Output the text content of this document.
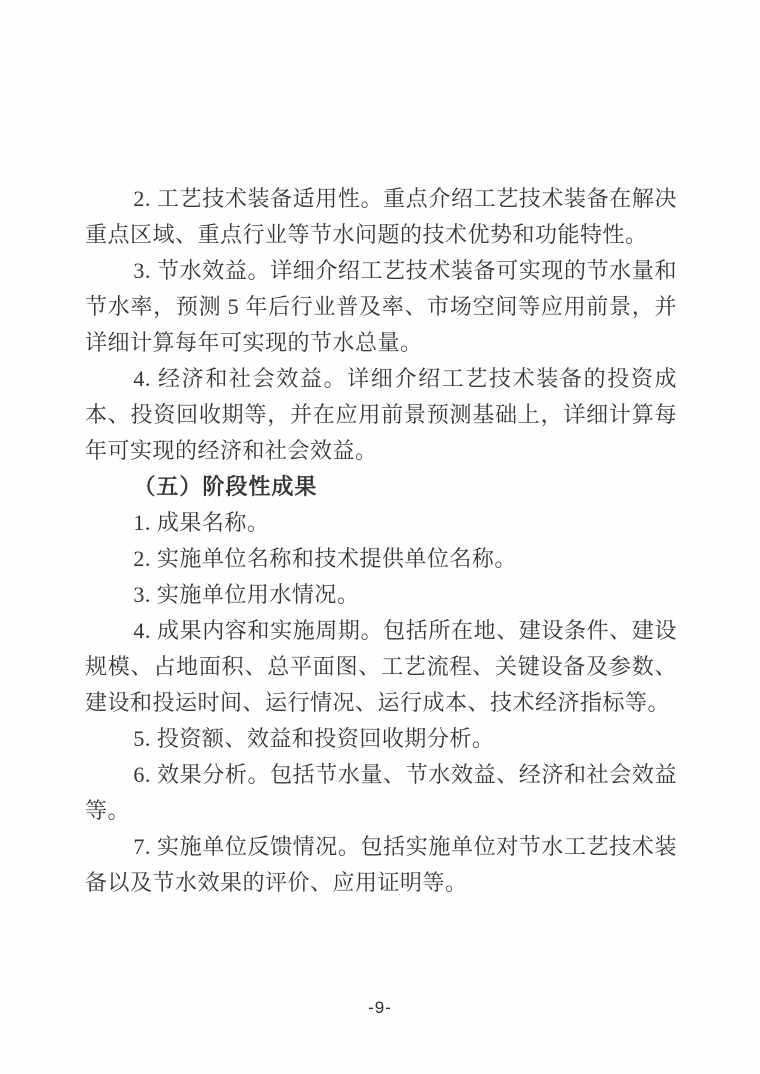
2. 工艺技术装备适用性。重点介绍工艺技术装备在解决重点区域、重点行业等节水问题的技术优势和功能特性。

3. 节水效益。详细介绍工艺技术装备可实现的节水量和节水率，预测 5 年后行业普及率、市场空间等应用前景，并详细计算每年可实现的节水总量。

4. 经济和社会效益。详细介绍工艺技术装备的投资成本、投资回收期等，并在应用前景预测基础上，详细计算每年可实现的经济和社会效益。

（五）阶段性成果

1. 成果名称。

2. 实施单位名称和技术提供单位名称。

3. 实施单位用水情况。

4. 成果内容和实施周期。包括所在地、建设条件、建设规模、占地面积、总平面图、工艺流程、关键设备及参数、建设和投运时间、运行情况、运行成本、技术经济指标等。

5. 投资额、效益和投资回收期分析。

6. 效果分析。包括节水量、节水效益、经济和社会效益等。

7. 实施单位反馈情况。包括实施单位对节水工艺技术装备以及节水效果的评价、应用证明等。

-9-
